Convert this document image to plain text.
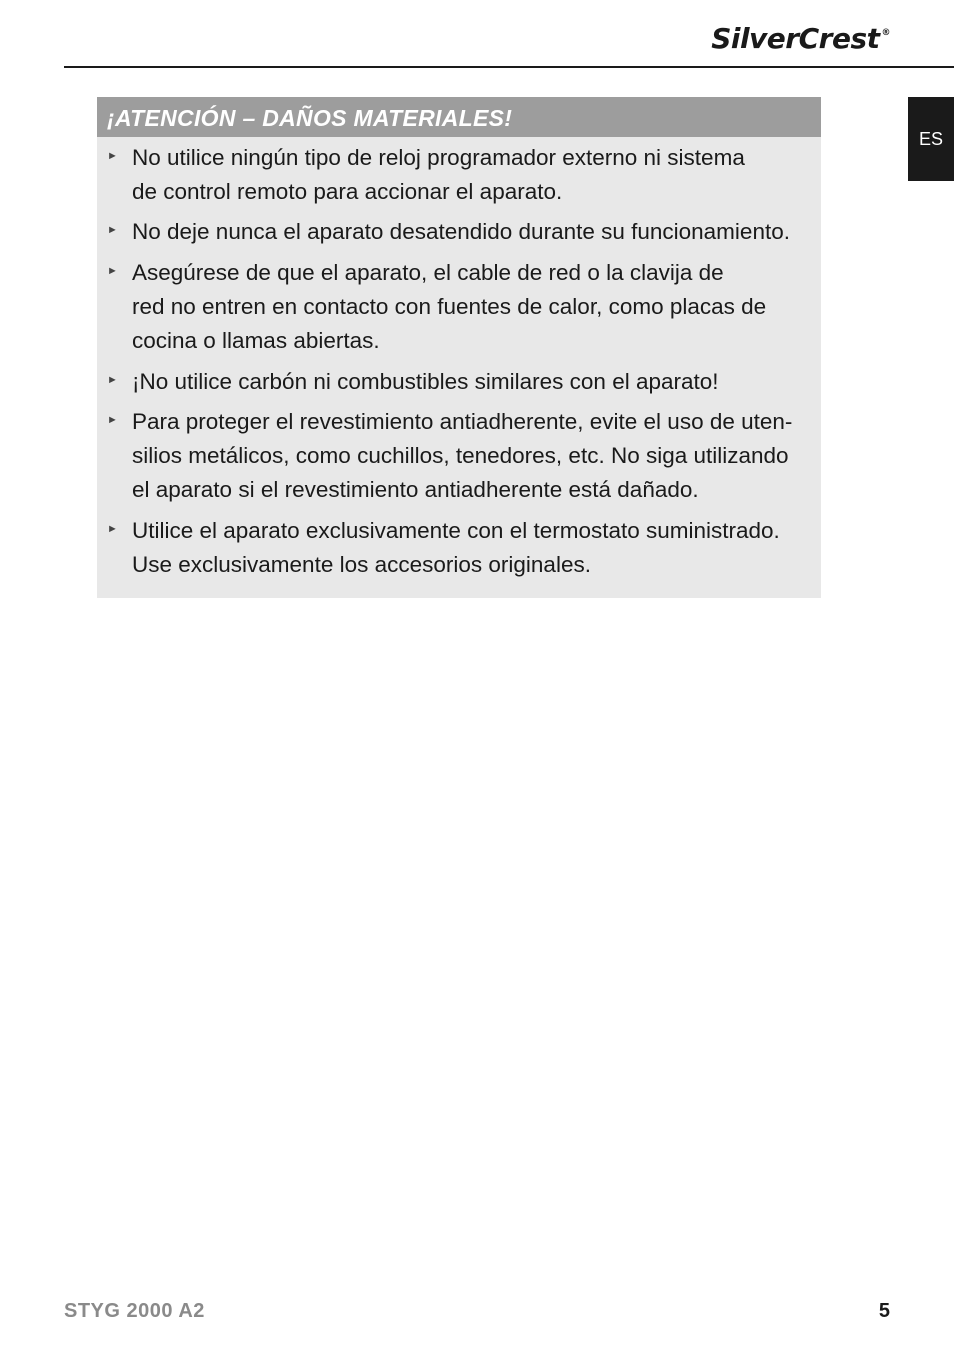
SilverCrest ®
ES
¡ATENCIÓN – DAÑOS MATERIALES!
► No utilice ningún tipo de reloj programador externo ni sistema
de control remoto para accionar el aparato.
► No deje nunca el aparato desatendido durante su funcionamiento.
► Asegúrese de que el aparato, el cable de red o la clavija de
red no entren en contacto con fuentes de calor, como placas de
cocina o llamas abiertas.
► ¡No utilice carbón ni combustibles similares con el aparato!
► Para proteger el revestimiento antiadherente, evite el uso de uten-
silios metálicos, como cuchillos, tenedores, etc. No siga utilizando
el aparato si el revestimiento antiadherente está dañado.
► Utilice el aparato exclusivamente con el termostato suministrado.
Use exclusivamente los accesorios originales.
STYG 2000 A2	5
